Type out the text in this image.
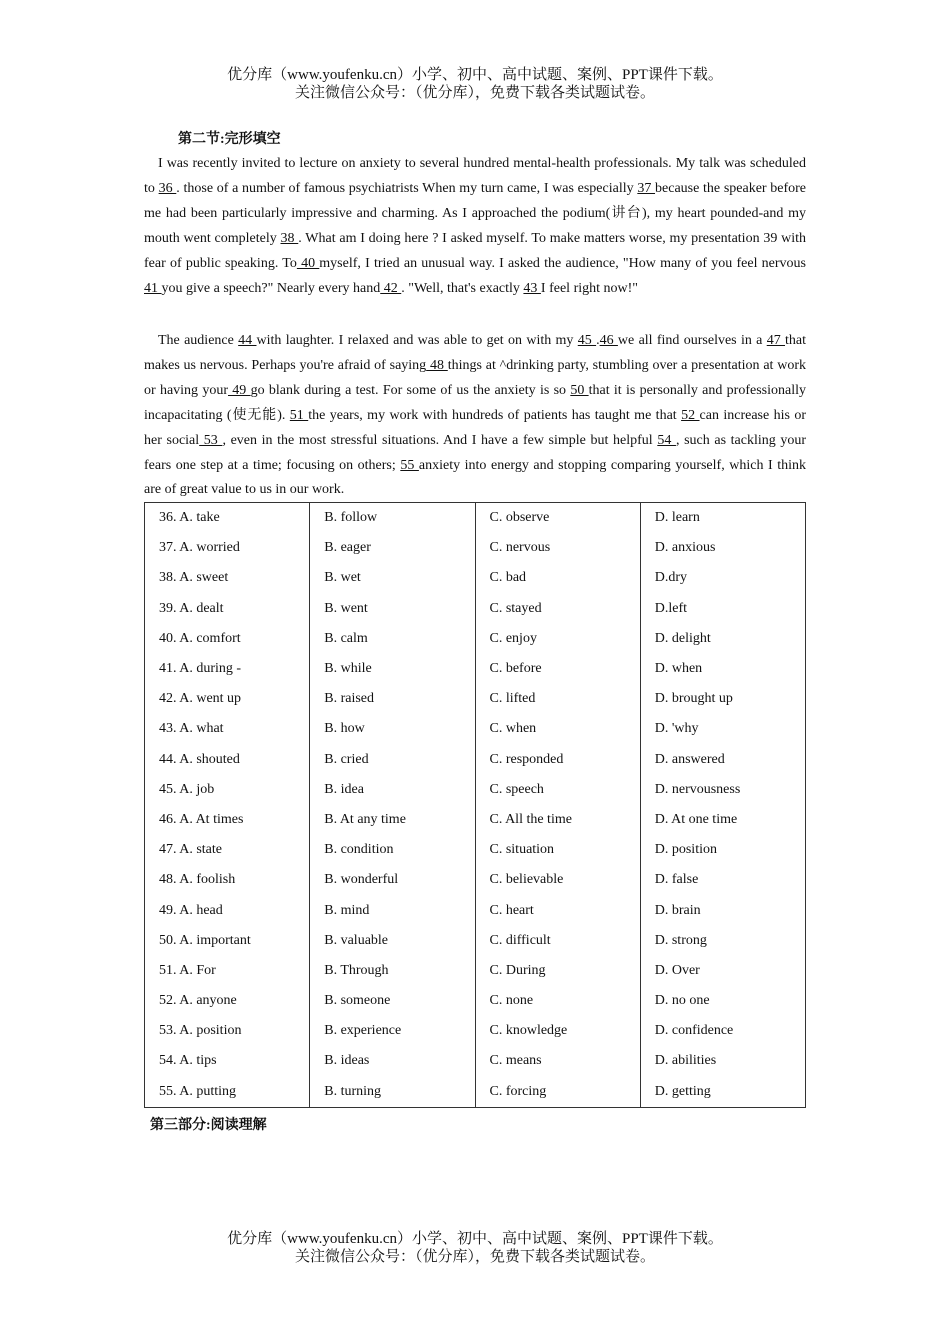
优分库（www.youfenku.cn）小学、初中、高中试题、案例、PPT课件下载。
关注微信公众号：（优分库），免费下载各类试题试卷。
第二节:完形填空
I was recently invited to lecture on anxiety to several hundred mental-health professionals. My talk was scheduled to 36 . those of a number of famous psychiatrists When my turn came, I was especially 37 because the speaker before me had been particularly impressive and charming. As I approached the podium(讲台), my heart pounded-and my mouth went completely 38 . What am I doing here ? I asked myself. To make matters worse, my presentation 39 with fear of public speaking. To 40 myself, I tried an unusual way. I asked the audience, "How many of you feel nervous 41 you give a speech?" Nearly every hand 42 . "Well, that's exactly 43 I feel right now!"
The audience 44 with laughter. I relaxed and was able to get on with my 45 .46 we all find ourselves in a 47 that makes us nervous. Perhaps you're afraid of saying 48 things at ^drinking party, stumbling over a presentation at work or having your 49 go blank during a test. For some of us the anxiety is so 50 that it is personally and professionally incapacitating (使无能). 51 the years, my work with hundreds of patients has taught me that 52 can increase his or her social 53 , even in the most stressful situations. And I have a few simple but helpful 54 , such as tackling your fears one step at a time; focusing on others; 55 anxiety into energy and stopping comparing yourself, which I think are of great value to us in our work.
36. A. take	B. follow	C. observe	D. learn
37. A. worried	B. eager	C. nervous	D. anxious
38. A. sweet	B. wet	C. bad	D.dry
39. A. dealt	B. went	C. stayed	D.left
40. A. comfort	B. calm	C. enjoy	D. delight
41. A. during -	B. while	C. before	D. when
42. A. went up	B. raised	C. lifted	D. brought up
43. A. what	B. how	C. when	D. 'why
44. A. shouted	B. cried	C. responded	D. answered
45. A. job	B. idea	C. speech	D. nervousness
46. A. At times	B. At any time	C. All the time	D. At one time
47. A. state	B. condition	C. situation	D. position
48. A. foolish	B. wonderful	C. believable	D. false
49. A. head	B. mind	C. heart	D. brain
50. A. important	B. valuable	C. difficult	D. strong
51. A. For	B. Through	C. During	D. Over
52. A. anyone	B. someone	C. none	D. no one
53. A. position	B. experience	C. knowledge	D. confidence
54. A. tips	B. ideas	C. means	D. abilities
55. A. putting	B. turning	C. forcing	D. getting
第三部分:阅读理解
优分库（www.youfenku.cn）小学、初中、高中试题、案例、PPT课件下载。
关注微信公众号：（优分库），免费下载各类试题试卷。
